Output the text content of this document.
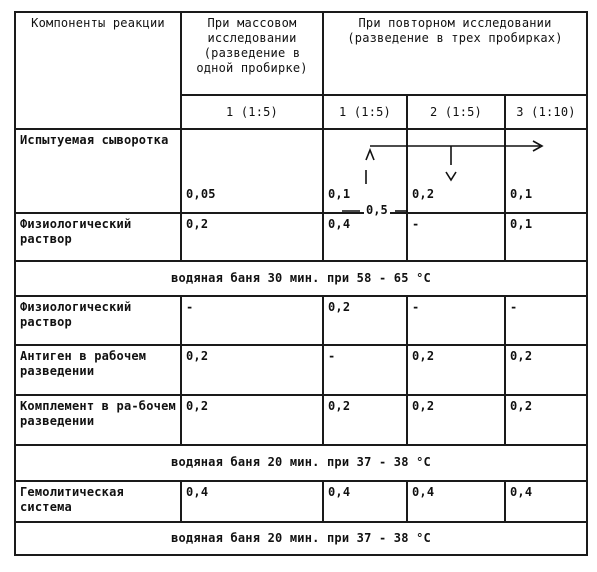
Компоненты реакции	При массовом исследовании (разведение в одной пробирке)	При повторном исследовании (разведение в трех пробирках)		
	1 (1:5)	1 (1:5)	2 (1:5)	3 (1:10)
Испытуемая сыворотка	0,05	0,1	0,2	0,1
Физиологический раствор	0,2	0,4	-	0,1
водяная баня 30 мин. при 58 - 65 °С				
Физиологический раствор	-	0,2	-	-
Антиген в рабочем разведении	0,2	-	0,2	0,2
Комплемент в ра-бочем разведении	0,2	0,2	0,2	0,2
водяная баня 20 мин. при 37 - 38 °С				
Гемолитическая система	0,4	0,4	0,4	0,4
водяная баня 20 мин. при 37 - 38 °С				
0,5
